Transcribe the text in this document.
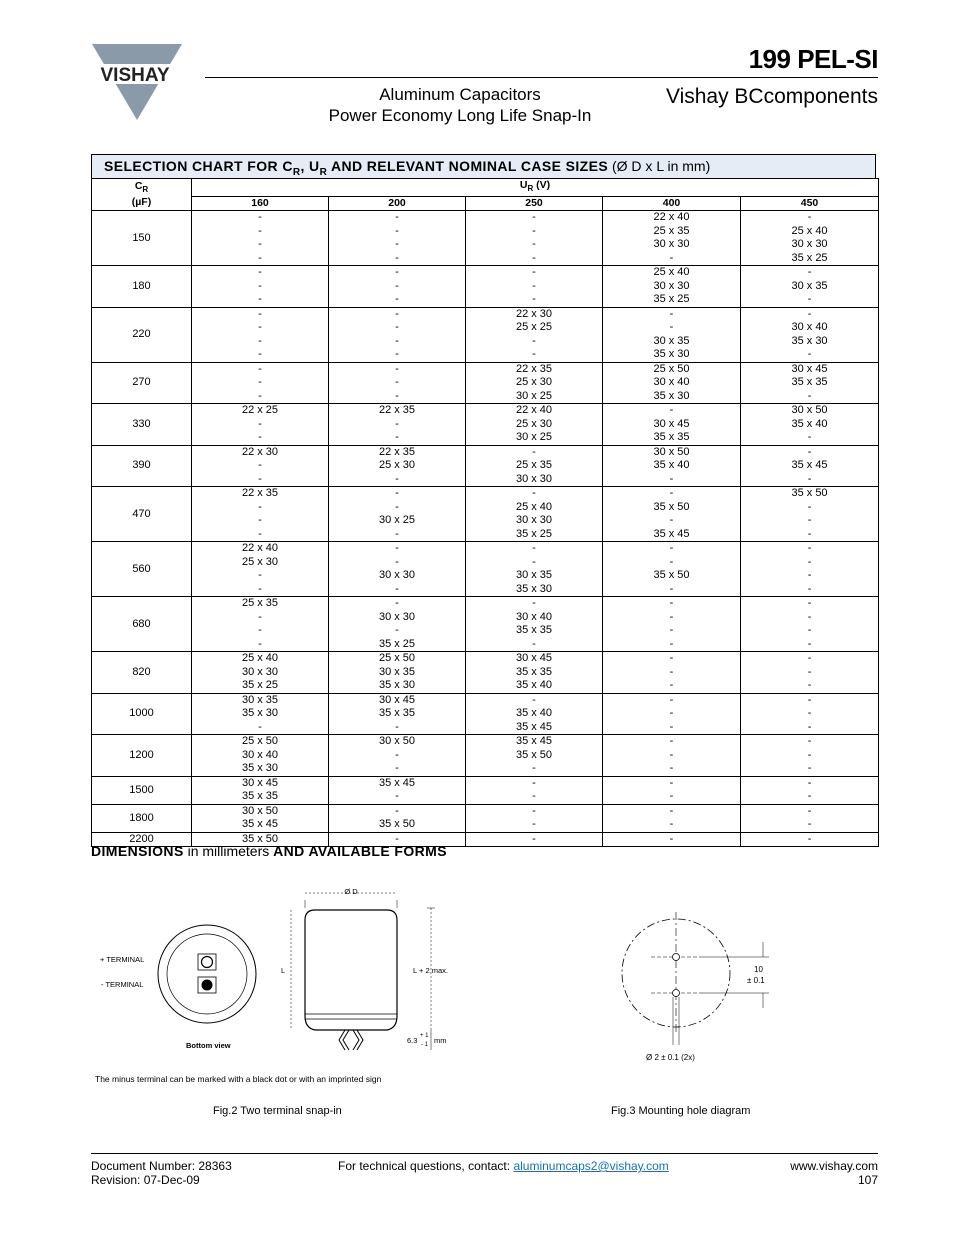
VISHAY
199 PEL-SI
Vishay BCcomponents
Aluminum Capacitors
Power Economy Long Life Snap-In
SELECTION CHART FOR $C_R$, $U_R$ AND RELEVANT NOMINAL CASE SIZES (Ø D x L in mm)
$C_R$
(µF)	$U_R$ (V)				
	160	200	250	400	450
150	-	-	-	22 x 40	-
	-	-	-	25 x 35	25 x 40
	-	-	-	30 x 30	30 x 30
	-	-	-	-	35 x 25
180	-	-	-	25 x 40	-
	-	-	-	30 x 30	30 x 35
	-	-	-	35 x 25	-
220	-	-	22 x 30	-	-
	-	-	25 x 25	-	30 x 40
	-	-	-	30 x 35	35 x 30
	-	-	-	35 x 30	-
270	-	-	22 x 35	25 x 50	30 x 45
	-	-	25 x 30	30 x 40	35 x 35
	-	-	30 x 25	35 x 30	-
330	22 x 25	22 x 35	22 x 40	-	30 x 50
	-	-	25 x 30	30 x 45	35 x 40
	-	-	30 x 25	35 x 35	-
390	22 x 30	22 x 35	-	30 x 50	-
	-	25 x 30	25 x 35	35 x 40	35 x 45
	-	-	30 x 30	-	-
470	22 x 35	-	-	-	35 x 50
	-	-	25 x 40	35 x 50	-
	-	30 x 25	30 x 30	-	-
	-	-	35 x 25	35 x 45	-
560	22 x 40	-	-	-	-
	25 x 30	-	-	-	-
	-	30 x 30	30 x 35	35 x 50	-
	-	-	35 x 30	-	-
680	25 x 35	-	-	-	-
	-	30 x 30	30 x 40	-	-
	-	-	35 x 35	-	-
	-	35 x 25	-	-	-
820	25 x 40	25 x 50	30 x 45	-	-
	30 x 30	30 x 35	35 x 35	-	-
	35 x 25	35 x 30	35 x 40	-	-
1000	30 x 35	30 x 45	-	-	-
	35 x 30	35 x 35	35 x 40	-	-
	-	-	35 x 45	-	-
1200	25 x 50	30 x 50	35 x 45	-	-
	30 x 40	-	35 x 50	-	-
	35 x 30	-	-	-	-
1500	30 x 45	35 x 45	-	-	-
	35 x 35	-	-	-	-
1800	30 x 50	-	-	-	-
	35 x 45	35 x 50	-	-	-
2200	35 x 50	-	-	-	-
DIMENSIONS in millimeters AND AVAILABLE FORMS
+ TERMINAL
- TERMINAL
Bottom view
Ø D
L	L + 2 max.
6.3 + 1
- 1 mm
The minus terminal can be marked with a black dot or with an imprinted sign
Fig.2 Two terminal snap-in
10
± 0.1
Ø 2 ± 0.1 (2x)
Fig.3 Mounting hole diagram
Document Number: 28363
Revision: 07-Dec-09
For technical questions, contact: aluminumcaps2@vishay.com	www.vishay.com
107
